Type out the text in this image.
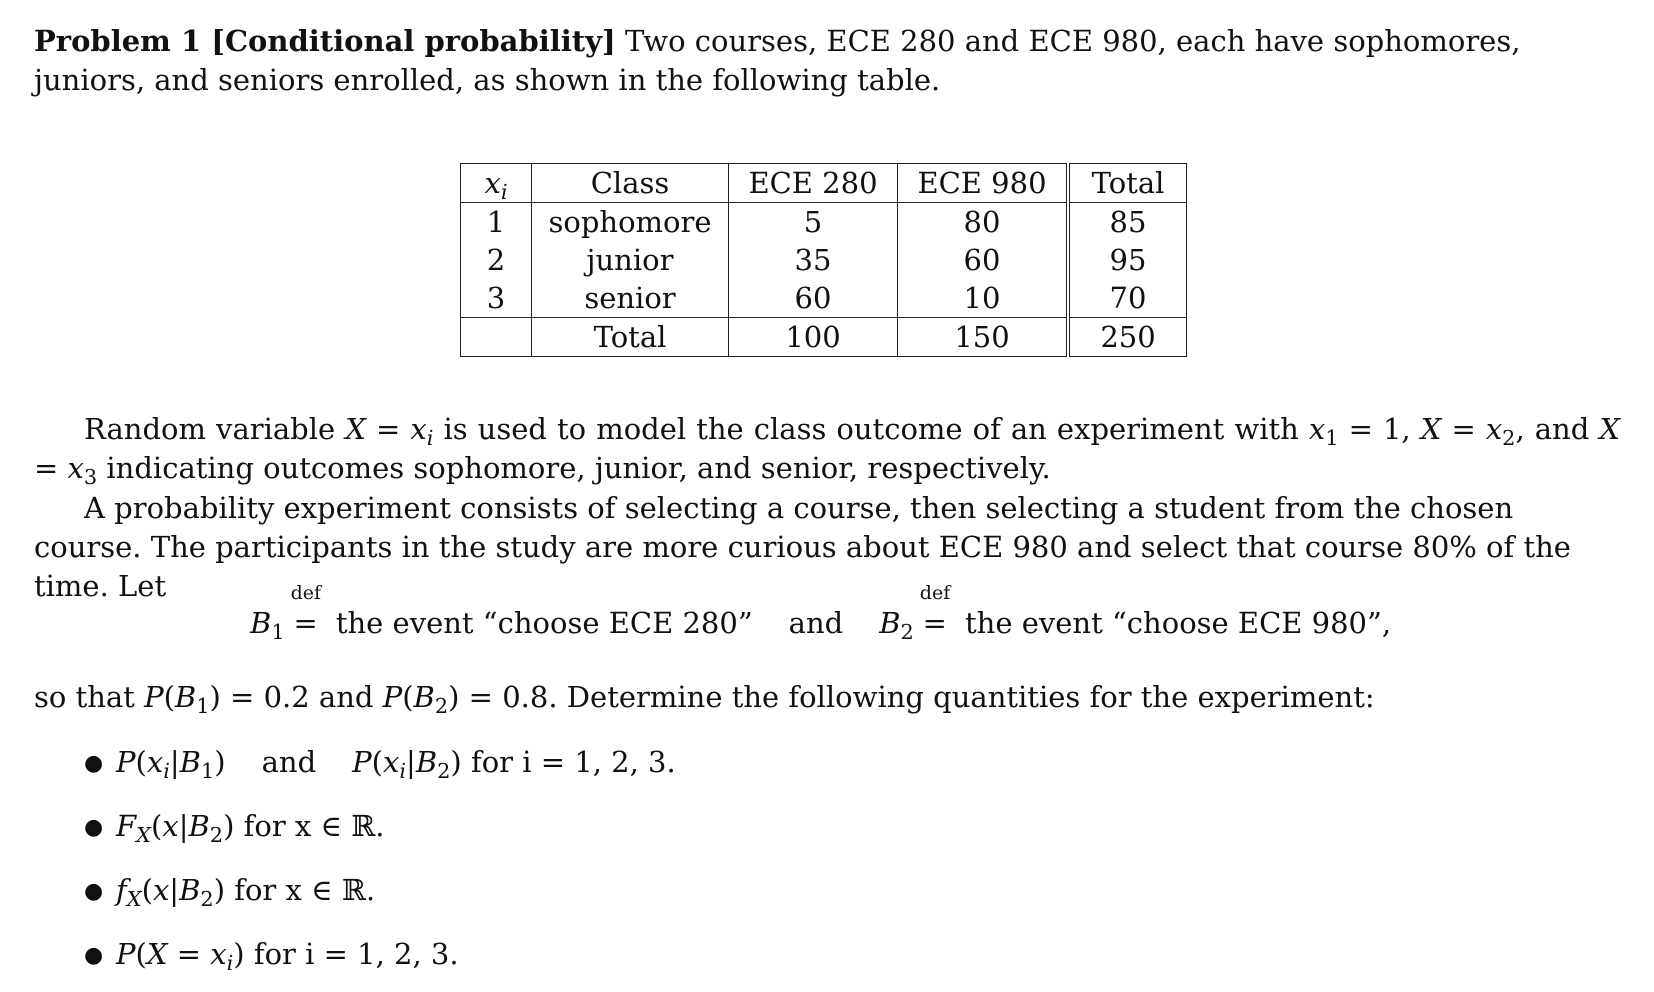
Problem 1 [Conditional probability] Two courses, ECE 280 and ECE 980, each have sophomores, juniors, and seniors enrolled, as shown in the following table.

$x_i$	Class	ECE 280	ECE 980	Total
1	sophomore	5	80	85
2	junior	35	60	95
3	senior	60	10	70
	Total	100	150	250

Random variable $X = x_i$ is used to model the class outcome of an experiment with $x_1 = 1$, $X = x_2$, and $X = x_3$ indicating outcomes sophomore, junior, and senior, respectively.

A probability experiment consists of selecting a course, then selecting a student from the chosen course. The participants in the study are more curious about ECE 980 and select that course 80% of the time. Let

$B_1$
def
= the event “choose ECE 280” and $B_2$
def
= the event “choose ECE 980”,

so that $P(B_1) = 0.2$ and $P(B_2) = 0.8$. Determine the following quantities for the experiment:

● $P(x_i|B_1)$ and $P(x_i|B_2)$ for i = 1, 2, 3.
● $F_X(x|B_2)$ for x ∈ ℝ.
● $f_X(x|B_2)$ for x ∈ ℝ.
● $P(X = x_i)$ for i = 1, 2, 3.
